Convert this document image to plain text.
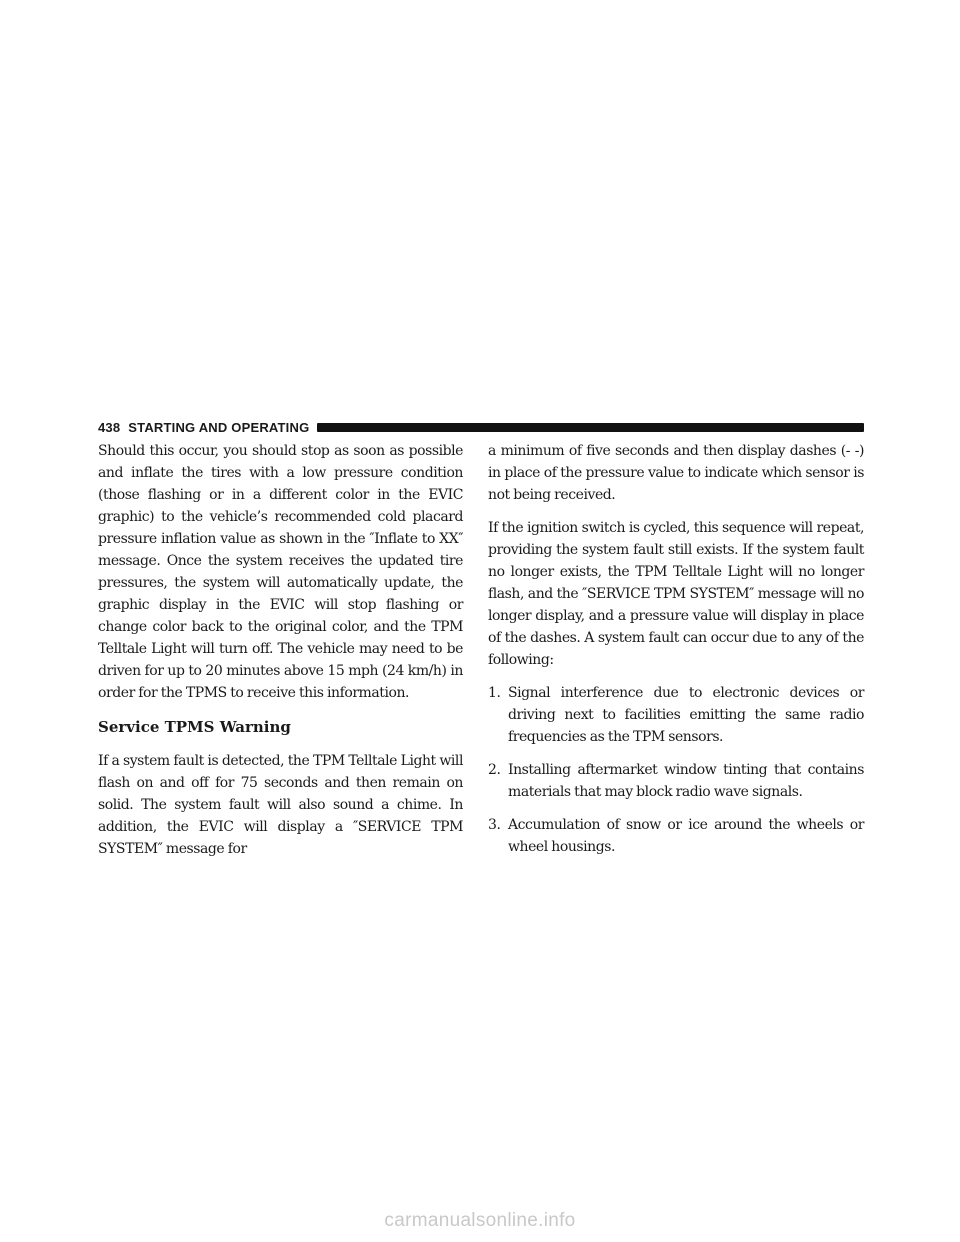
438 STARTING AND OPERATING

Should this occur, you should stop as soon as possible and inflate the tires with a low pressure condition (those flashing or in a different color in the EVIC graphic) to the vehicle’s recommended cold placard pressure inflation value as shown in the ″Inflate to XX″ message. Once the system receives the updated tire pressures, the system will automatically update, the graphic display in the EVIC will stop flashing or change color back to the original color, and the TPM Telltale Light will turn off. The vehicle may need to be driven for up to 20 minutes above 15 mph (24 km/h) in order for the TPMS to receive this information.

Service TPMS Warning

If a system fault is detected, the TPM Telltale Light will flash on and off for 75 seconds and then remain on solid. The system fault will also sound a chime. In addition, the EVIC will display a ″SERVICE TPM SYSTEM″ message for

a minimum of five seconds and then display dashes (- -) in place of the pressure value to indicate which sensor is not being received.

If the ignition switch is cycled, this sequence will repeat, providing the system fault still exists. If the system fault no longer exists, the TPM Telltale Light will no longer flash, and the ″SERVICE TPM SYSTEM″ message will no longer display, and a pressure value will display in place of the dashes. A system fault can occur due to any of the following:

1. Signal interference due to electronic devices or driving next to facilities emitting the same radio frequencies as the TPM sensors.
2. Installing aftermarket window tinting that contains materials that may block radio wave signals.
3. Accumulation of snow or ice around the wheels or wheel housings.
carmanualsonline.info
